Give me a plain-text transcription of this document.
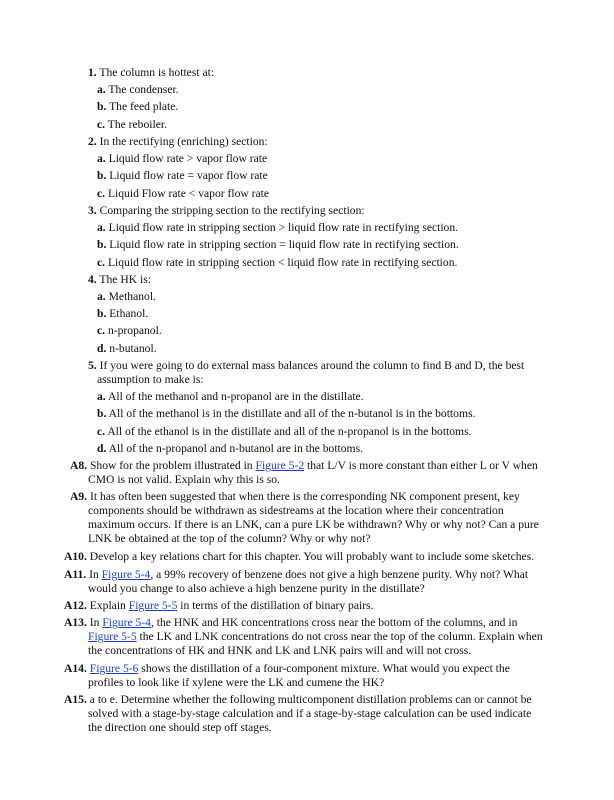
1. The column is hottest at:
a. The condenser.
b. The feed plate.
c. The reboiler.
2. In the rectifying (enriching) section:
a. Liquid flow rate > vapor flow rate
b. Liquid flow rate = vapor flow rate
c. Liquid Flow rate < vapor flow rate
3. Comparing the stripping section to the rectifying section:
a. Liquid flow rate in stripping section > liquid flow rate in rectifying section.
b. Liquid flow rate in stripping section = liquid flow rate in rectifying section.
c. Liquid flow rate in stripping section < liquid flow rate in rectifying section.
4. The HK is:
a. Methanol.
b. Ethanol.
c. n-propanol.
d. n-butanol.
5. If you were going to do external mass balances around the column to find B and D, the best
assumption to make is:
a. All of the methanol and n-propanol are in the distillate.
b. All of the methanol is in the distillate and all of the n-butanol is in the bottoms.
c. All of the ethanol is in the distillate and all of the n-propanol is in the bottoms.
d. All of the n-propanol and n-butanol are in the bottoms.
A8. Show for the problem illustrated in Figure 5-2 that L/V is more constant than either L or V when
CMO is not valid. Explain why this is so.
A9. It has often been suggested that when there is the corresponding NK component present, key
components should be withdrawn as sidestreams at the location where their concentration
maximum occurs. If there is an LNK, can a pure LK be withdrawn? Why or why not? Can a pure
LNK be obtained at the top of the column? Why or why not?
A10. Develop a key relations chart for this chapter. You will probably want to include some sketches.
A11. In Figure 5-4, a 99% recovery of benzene does not give a high benzene purity. Why not? What
would you change to also achieve a high benzene purity in the distillate?
A12. Explain Figure 5-5 in terms of the distillation of binary pairs.
A13. In Figure 5-4, the HNK and HK concentrations cross near the bottom of the columns, and in
Figure 5-5 the LK and LNK concentrations do not cross near the top of the column. Explain when
the concentrations of HK and HNK and LK and LNK pairs will and will not cross.
A14. Figure 5-6 shows the distillation of a four-component mixture. What would you expect the
profiles to look like if xylene were the LK and cumene the HK?
A15. a to e. Determine whether the following multicomponent distillation problems can or cannot be
solved with a stage-by-stage calculation and if a stage-by-stage calculation can be used indicate
the direction one should step off stages.
